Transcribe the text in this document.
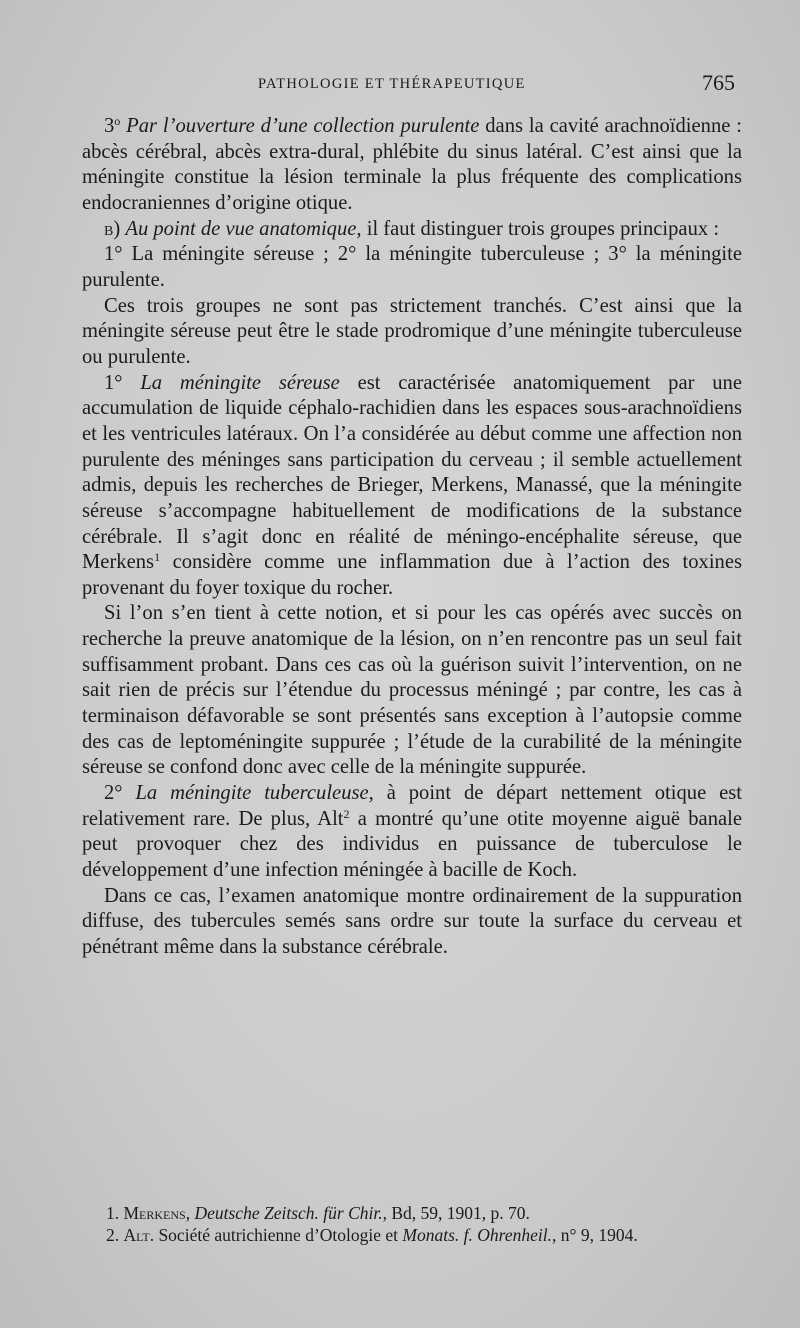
PATHOLOGIE ET THÉRAPEUTIQUE	765

3$^o$ Par l’ouverture d’une collection purulente dans la cavité arachnoïdienne : abcès cérébral, abcès extra-dural, phlébite du sinus latéral. C’est ainsi que la méningite constitue la lésion terminale la plus fréquente des complications endocraniennes d’origine otique.

b) Au point de vue anatomique, il faut distinguer trois groupes principaux :

1° La méningite séreuse ; 2° la méningite tuberculeuse ; 3° la méningite purulente.

Ces trois groupes ne sont pas strictement tranchés. C’est ainsi que la méningite séreuse peut être le stade prodromique d’une méningite tuberculeuse ou purulente.

1° La méningite séreuse est caractérisée anatomiquement par une accumulation de liquide céphalo-rachidien dans les espaces sous-arachnoïdiens et les ventricules latéraux. On l’a considérée au début comme une affection non purulente des méninges sans participation du cerveau ; il semble actuellement admis, depuis les recherches de Brieger, Merkens, Manassé, que la méningite séreuse s’accompagne habituellement de modifications de la substance cérébrale. Il s’agit donc en réalité de méningo-encéphalite séreuse, que Merkens$^1$ considère comme une inflammation due à l’action des toxines provenant du foyer toxique du rocher.

Si l’on s’en tient à cette notion, et si pour les cas opérés avec succès on recherche la preuve anatomique de la lésion, on n’en rencontre pas un seul fait suffisamment probant. Dans ces cas où la guérison suivit l’intervention, on ne sait rien de précis sur l’étendue du processus méningé ; par contre, les cas à terminaison défavorable se sont présentés sans exception à l’autopsie comme des cas de leptoméningite suppurée ; l’étude de la curabilité de la méningite séreuse se confond donc avec celle de la méningite suppurée.

2° La méningite tuberculeuse, à point de départ nettement otique est relativement rare. De plus, Alt$^2$ a montré qu’une otite moyenne aiguë banale peut provoquer chez des individus en puissance de tuberculose le développement d’une infection méningée à bacille de Koch.

Dans ce cas, l’examen anatomique montre ordinairement de la suppuration diffuse, des tubercules semés sans ordre sur toute la surface du cerveau et pénétrant même dans la substance cérébrale.

1. Merkens, Deutsche Zeitsch. für Chir., Bd, 59, 1901, p. 70.

2. Alt. Société autrichienne d’Otologie et Monats. f. Ohrenheil., n° 9, 1904.
